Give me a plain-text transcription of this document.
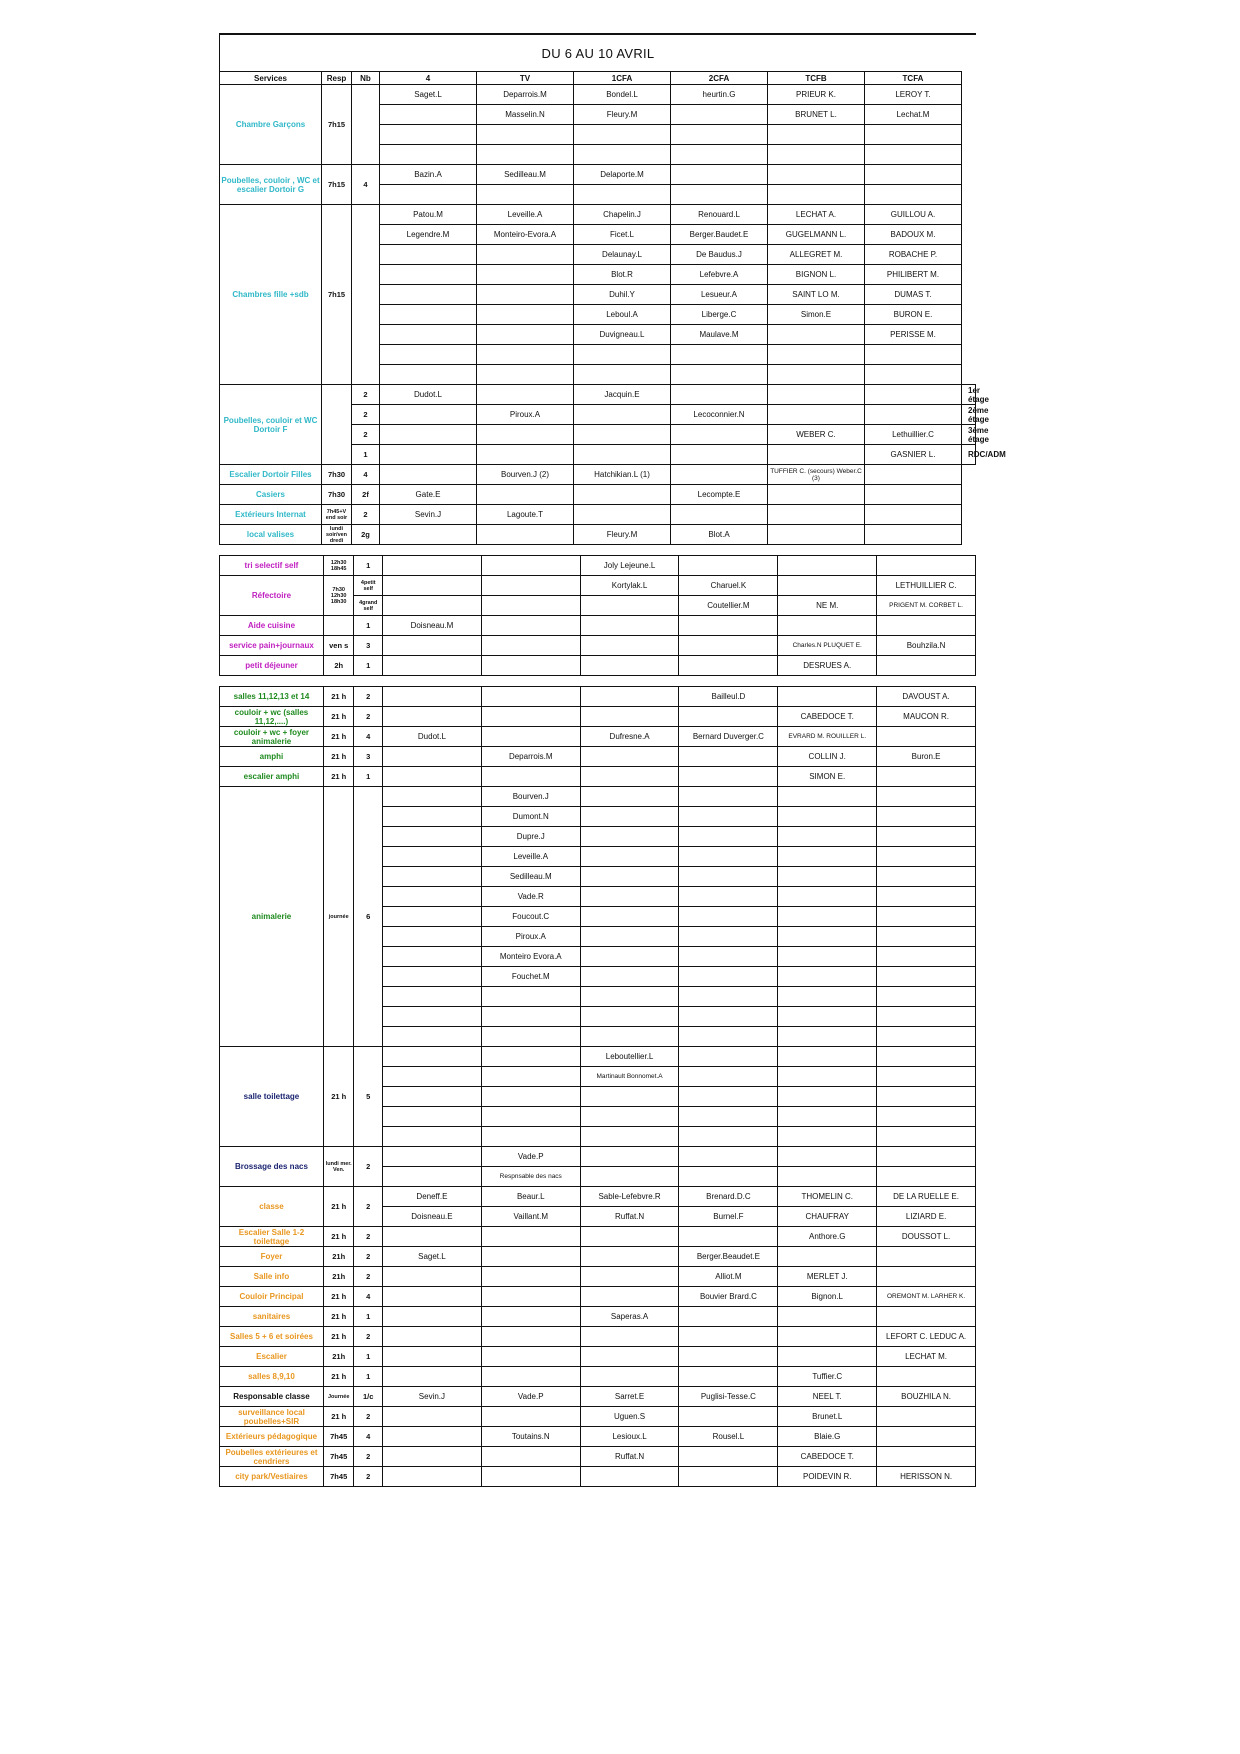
DU 6 AU 10 AVRIL
Services	Resp	Nb	4	TV	1CFA	2CFA	TCFB	TCFA	
Chambre Garçons	7h15		Saget.L	Deparrois.M	Bondel.L	heurtin.G	PRIEUR K.	LEROY T.	
				Masselin.N	Fleury.M		BRUNET L.	Lechat.M	

Poubelles, couloir , WC et escalier Dortoir G	7h15	4	Bazin.A	Sedilleau.M	Delaporte.M				

Chambres fille +sdb	7h15		Patou.M	Leveille.A	Chapelin.J	Renouard.L	LECHAT A.	GUILLOU A.	
			Legendre.M	Monteiro-Evora.A	Ficet.L	Berger.Baudet.E	GUGELMANN L.	BADOUX M.	
					Delaunay.L	De Baudus.J	ALLEGRET M.	ROBACHE P.	
					Blot.R	Lefebvre.A	BIGNON L.	PHILIBERT M.	
					Duhil.Y	Lesueur.A	SAINT LO M.	DUMAS T.	
					Leboul.A	Liberge.C	Simon.E	BURON E.	
					Duvigneau.L	Maulave.M		PERISSE M.	

Poubelles, couloir et WC Dortoir F		2	Dudot.L		Jacquin.E				1er étage
		2		Piroux.A		Lecoconnier.N			2ème étage
		2					WEBER C.	Lethuillier.C	3ème étage
		1						GASNIER L.	RDC/ADM
Escalier Dortoir Filles	7h30	4		Bourven.J (2)	Hatchikian.L (1)		TUFFIER C. (secours) Weber.C (3)		
Casiers	7h30	2f	Gate.E			Lecompte.E			
Extérieurs Internat	7h45+V end soir	2	Sevin.J	Lagoute.T					
local valises	lundi soir/ven dredi	2g			Fleury.M	Blot.A			
tri selectif self	12h30 18h45	1			Joly Lejeune.L			
Réfectoire	7h30 12h30 18h30	4petit self			Kortylak.L	Charuel.K		LETHUILLIER C.
		4grand self				Coutellier.M	NE M.	PRIGENT M. CORBET L.
Aide cuisine		1	Doisneau.M					
service pain+journaux	ven s	3					Charles.N PLUQUET E.	Bouhzila.N
petit déjeuner	2h	1					DESRUES A.	
salles 11,12,13 et 14	21 h	2				Bailleul.D		DAVOUST A.
couloir + wc (salles 11,12,....)	21 h	2					CABEDOCE T.	MAUCON R.
couloir + wc + foyer animalerie	21 h	4	Dudot.L		Dufresne.A	Bernard Duverger.C	EVRARD M. ROUILLER L.	
amphi	21 h	3		Deparrois.M			COLLIN J.	Buron.E
escalier amphi	21 h	1					SIMON E.	
animalerie	journée	6		Bourven.J				
				Dumont.N				
				Dupre.J				
				Leveille.A				
				Sedilleau.M				
				Vade.R				
				Foucout.C				
				Piroux.A				
				Monteiro Evora.A				
				Fouchet.M				

salle toilettage	21 h	5			Leboutellier.L			
					Martinault Bonnomet.A			

Brossage des nacs	lundi mer. Ven.	2		Vade.P				
				Respnsable des nacs				
classe	21 h	2	Deneff.E	Beaur.L	Sable-Lefebvre.R	Brenard.D.C	THOMELIN C.	DE LA RUELLE E.
			Doisneau.E	Vaillant.M	Ruffat.N	Burnel.F	CHAUFRAY	LIZIARD E.
Escalier Salle 1-2 toilettage	21 h	2					Anthore.G	DOUSSOT L.
Foyer	21h	2	Saget.L			Berger.Beaudet.E		
Salle info	21h	2				Alliot.M	MERLET J.	
Couloir Principal	21 h	4				Bouvier Brard.C	Bignon.L	OREMONT M. LARHER K.
sanitaires	21 h	1			Saperas.A			
Salles 5 + 6 et soirées	21 h	2						LEFORT C. LEDUC A.
Escalier	21h	1						LECHAT M.
salles 8,9,10	21 h	1					Tuffier.C	
Responsable classe	Journée	1/c	Sevin.J	Vade.P	Sarret.E	Puglisi-Tesse.C	NEEL T.	BOUZHILA N.
surveillance local poubelles+SIR	21 h	2			Uguen.S		Brunet.L	
Extérieurs pédagogique	7h45	4		Toutains.N	Lesioux.L	Rousel.L	Blaie.G	
Poubelles extérieures et cendriers	7h45	2			Ruffat.N		CABEDOCE T.	
city park/Vestiaires	7h45	2					POIDEVIN R.	HERISSON N.
